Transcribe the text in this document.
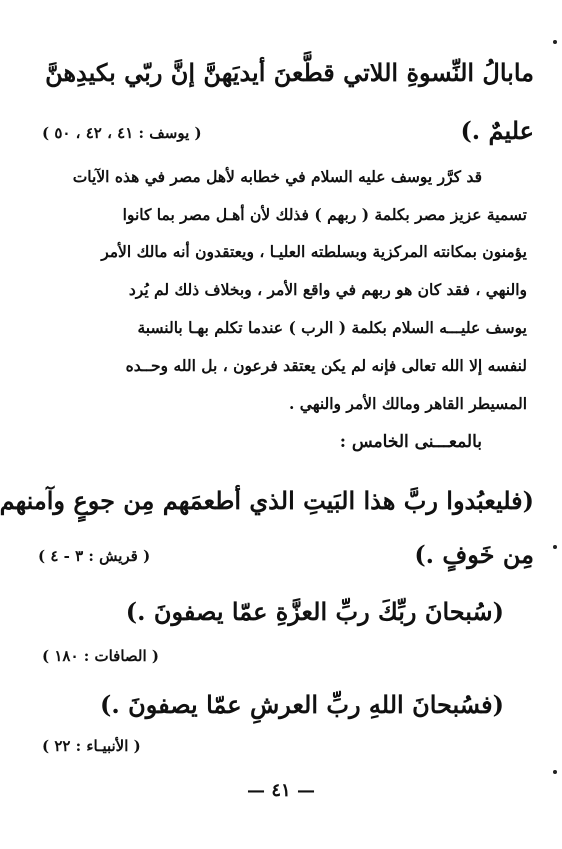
مابالُ النِّسوةِ اللاتي قطَّعنَ أيديَهنَّ إنَّ ربّي بكيدِهنَّ
عليمٌ .)
( يوسف : ٤١ ، ٤٢ ، ٥٠ )
قد كرَّر يوسف عليه السلام في خطابه لأهل مصر في هذه الآيات
تسمية عزيز مصر بكلمة ( ربهم ) فذلك لأن أهـل مصر بما كانوا
يؤمنون بمكانته المركزية وبسلطته العليـا ، ويعتقدون أنه مالك الأمر
والنهي ، فقد كان هو ربهم في واقع الأمر ، وبخلاف ذلك لم يُرد
يوسف عليـــه السلام بكلمة ( الرب ) عندما تكلم بهـا بالنسبة
لنفسه إلا الله تعالى فإنه لم يكن يعتقد فرعون ، بل الله وحــده
المسيطر القاهر ومالك الأمر والنهي .
بالمعـــنى الخامس :
(فليعبُدوا ربَّ هذا البَيتِ الذي أطعمَهم مِن جوعٍ وآمنهم
مِن خَوفٍ .)
( قريش : ٣ - ٤ )
(سُبحانَ ربِّكَ ربِّ العزَّةِ عمّا يصفونَ .)
( الصافات : ١٨٠ )
(فسُبحانَ اللهِ ربِّ العرشِ عمّا يصفونَ .)
( الأنبيـاء : ٢٢ )
— ٤١ —
